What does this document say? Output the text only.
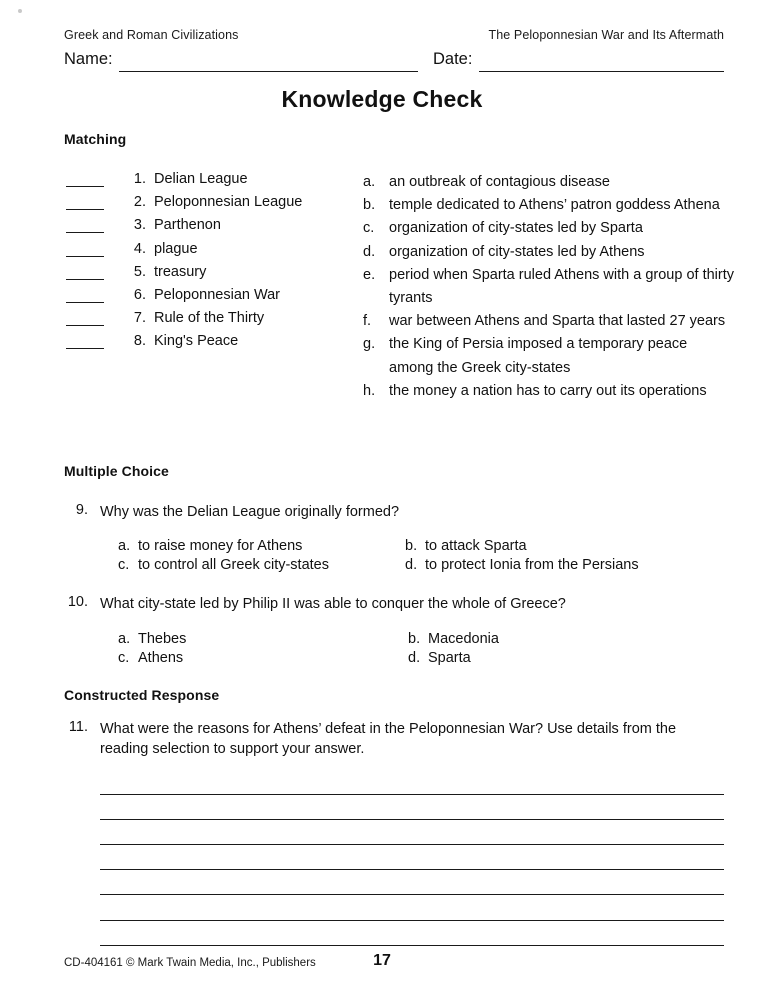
Greek and Roman Civilizations	The Peloponnesian War and Its Aftermath
Name:	Date:
Knowledge Check
Matching
1. Delian League
2. Peloponnesian League
3. Parthenon
4. plague
5. treasury
6. Peloponnesian War
7. Rule of the Thirty
8. King's Peace
a. an outbreak of contagious disease
b. temple dedicated to Athens’ patron goddess Athena
c.	organization of city-states led by Sparta
d. organization of city-states led by Athens
e. period when Sparta ruled Athens with a group of thirty tyrants
f.	war between Athens and Sparta that lasted 27 years
g. the King of Persia imposed a temporary peace among the Greek city-states
h. the money a nation has to carry out its operations
Multiple Choice
9. Why was the Delian League originally formed?
a. to raise money for Athens	b. to attack Sparta
c. to control all Greek city-states	d. to protect Ionia from the Persians
10. What city-state led by Philip II was able to conquer the whole of Greece?
a. Thebes	b. Macedonia
c. Athens	d. Sparta
Constructed Response
11. What were the reasons for Athens’ defeat in the Peloponnesian War? Use details from the reading selection to support your answer.
CD-404161 © Mark Twain Media, Inc., Publishers	17
